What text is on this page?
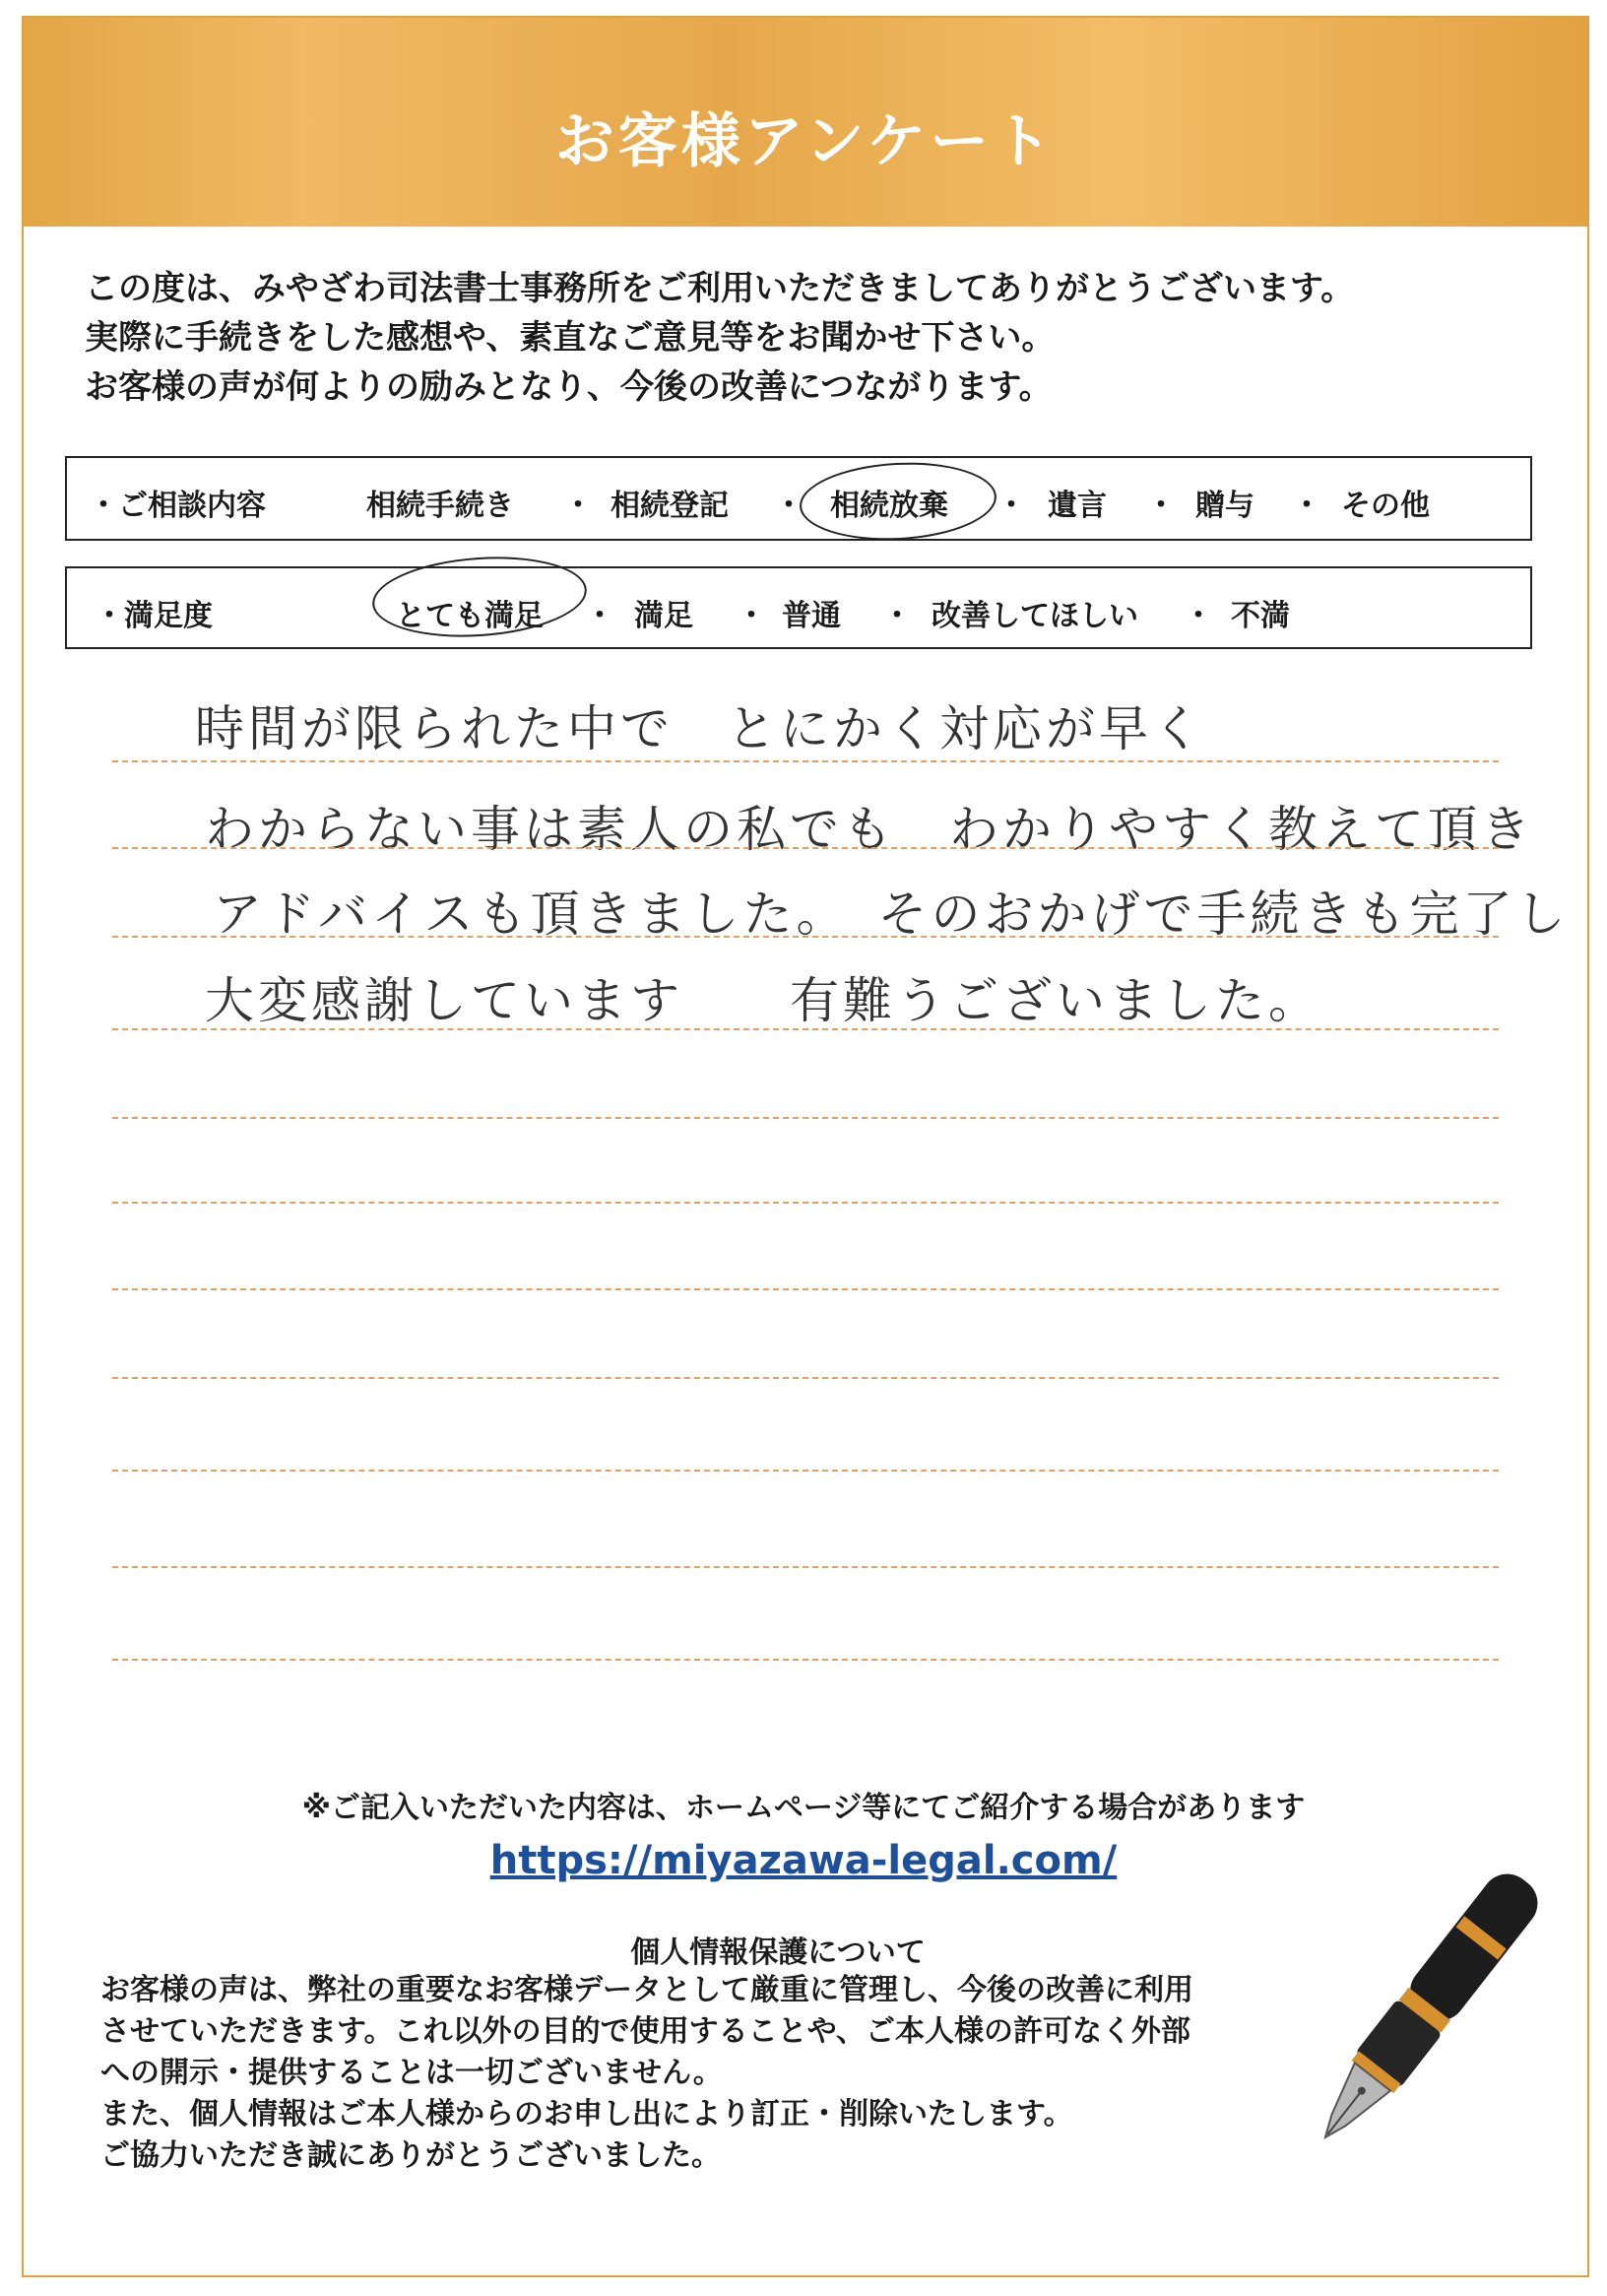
お客様アンケート
この度は、みやざわ司法書士事務所をご利用いただきましてありがとうございます。
実際に手続きをした感想や、素直なご意見等をお聞かせ下さい。
お客様の声が何よりの励みとなり、今後の改善につながります。
・ご相談内容	相続手続き ・ 相続登記 ・ 相続放棄 ・ 遺言 ・ 贈与 ・ その他
・満足度	とても満足 ・ 満足 ・ 普通 ・ 改善してほしい ・ 不満
時間が限られた中で　とにかく対応が早く
わからない事は素人の私でも　わかりやすく教えて頂き
アドバイスも頂きました。　そのおかげで手続きも完了し
大変感謝しています　　有難うございました。
※ご記入いただいた内容は、ホームページ等にてご紹介する場合があります
https://miyazawa-legal.com/
個人情報保護について
お客様の声は、弊社の重要なお客様データとして厳重に管理し、今後の改善に利用
させていただきます。これ以外の目的で使用することや、ご本人様の許可なく外部
への開示・提供することは一切ございません。
また、個人情報はご本人様からのお申し出により訂正・削除いたします。
ご協力いただき誠にありがとうございました。
